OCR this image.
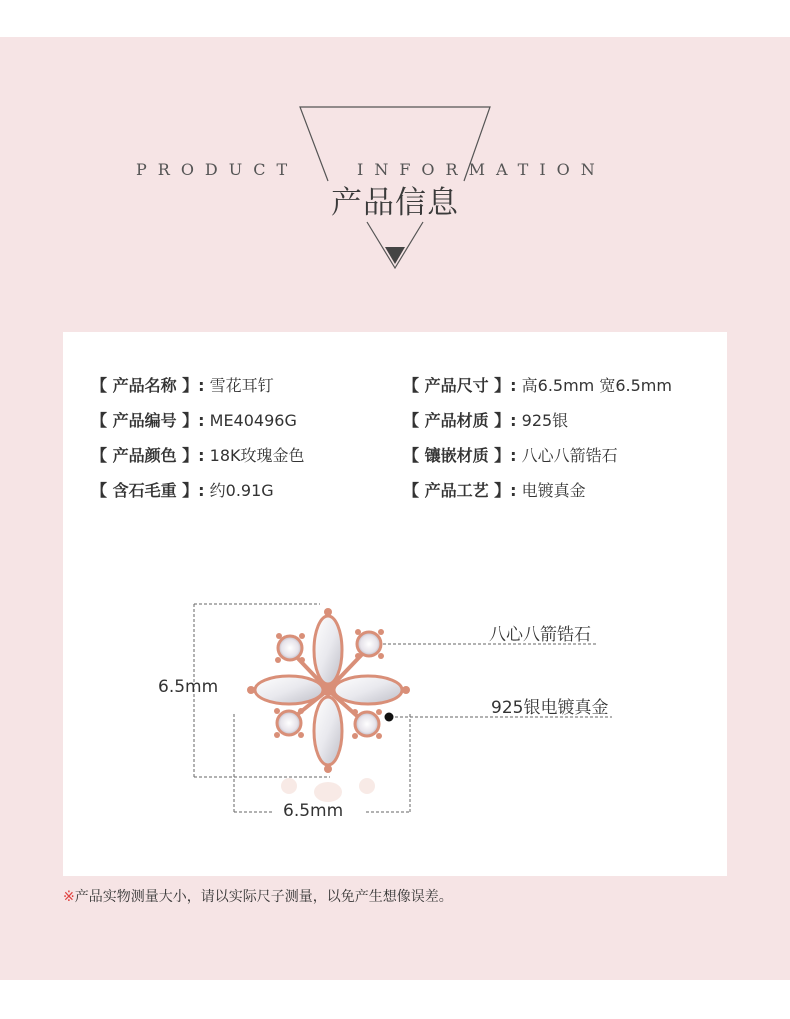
PRODUCT	INFORMATION
产品信息
【 产品名称 】: 雪花耳钉
【 产品编号 】: ME40496G
【 产品颜色 】: 18K玫瑰金色
【 含石毛重 】: 约0.91G
【 产品尺寸 】: 高6.5mm 宽6.5mm
【 产品材质 】: 925银
【 镶嵌材质 】: 八心八箭锆石
【 产品工艺 】: 电镀真金
6.5mm
6.5mm
八心八箭锆石
925银电镀真金
※产品实物测量大小，请以实际尺子测量，以免产生想像误差。
